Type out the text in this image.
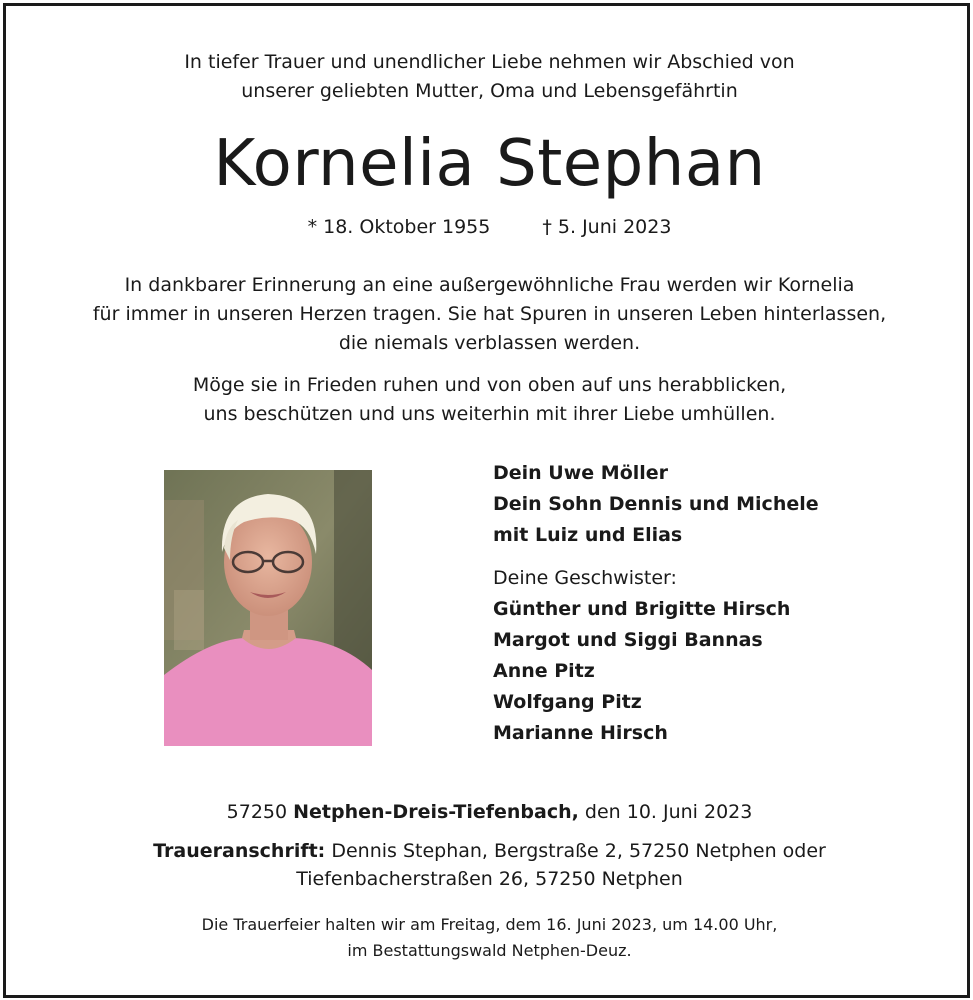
In tiefer Trauer und unendlicher Liebe nehmen wir Abschied von
unserer geliebten Mutter, Oma und Lebensgefährtin
Kornelia Stephan
* 18. Oktober 1955	† 5. Juni 2023
In dankbarer Erinnerung an eine außergewöhnliche Frau werden wir Kornelia
für immer in unseren Herzen tragen. Sie hat Spuren in unseren Leben hinterlassen,
die niemals verblassen werden.
Möge sie in Frieden ruhen und von oben auf uns herabblicken,
uns beschützen und uns weiterhin mit ihrer Liebe umhüllen.
Dein Uwe Möller
Dein Sohn Dennis und Michele
mit Luiz und Elias
Deine Geschwister:
Günther und Brigitte Hirsch
Margot und Siggi Bannas
Anne Pitz
Wolfgang Pitz
Marianne Hirsch
57250 Netphen-Dreis-Tiefenbach, den 10. Juni 2023
Traueranschrift: Dennis Stephan, Bergstraße 2, 57250 Netphen oder
Tiefenbacherstraßen 26, 57250 Netphen
Die Trauerfeier halten wir am Freitag, dem 16. Juni 2023, um 14.00 Uhr,
im Bestattungswald Netphen-Deuz.
